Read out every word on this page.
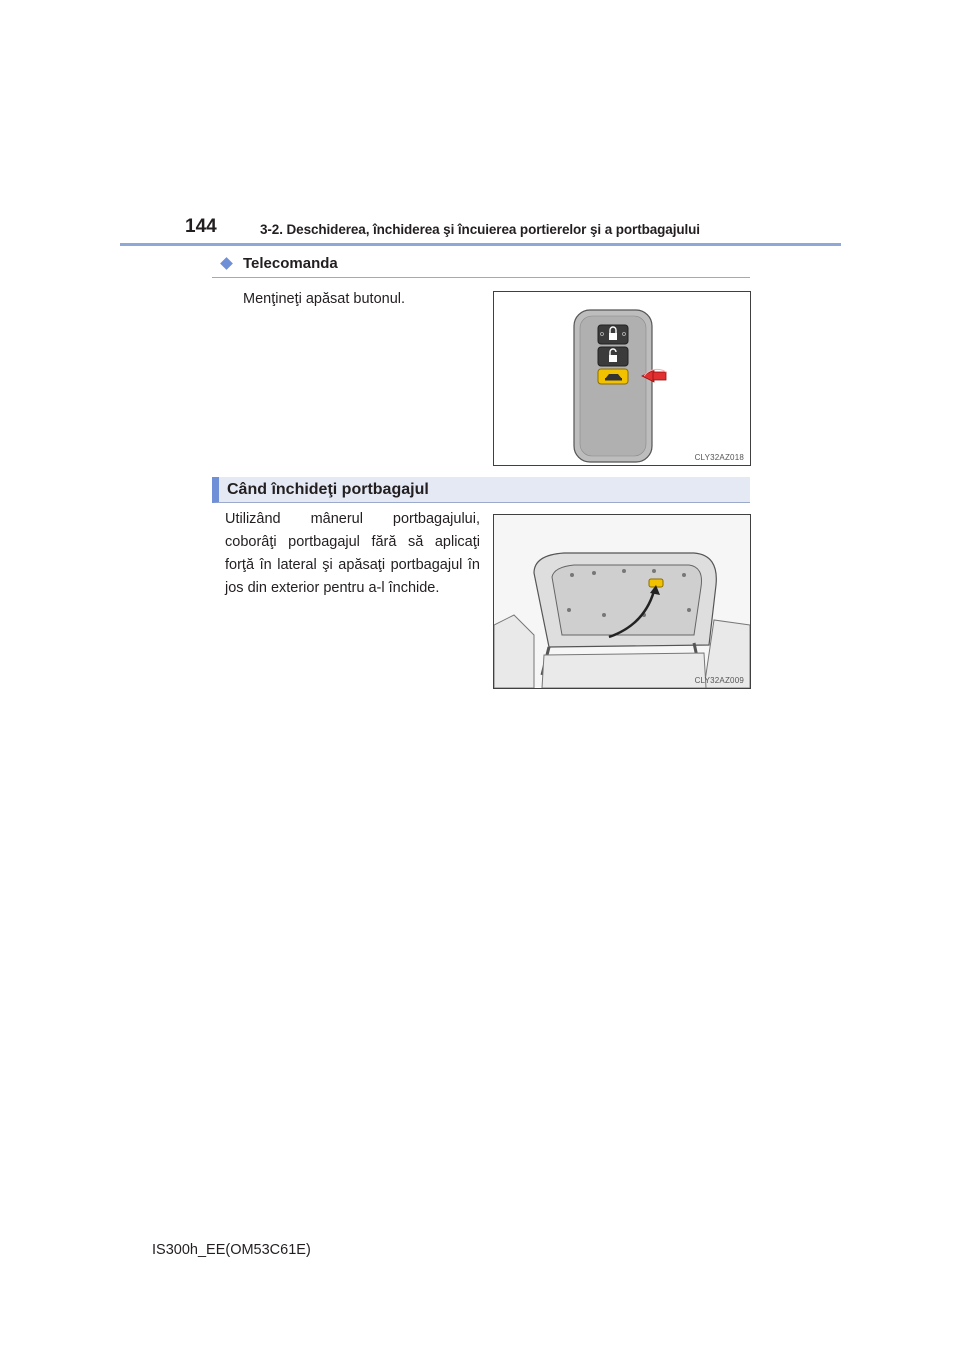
144	3-2. Deschiderea, închiderea şi încuierea portierelor şi a portbagajului
Telecomanda
Menţineţi apăsat butonul.
CLY32AZ018
Când închideţi portbagajul
Utilizând mânerul portbagajului, coborâţi portbagajul fără să aplicaţi forţă în lateral şi apăsaţi portbagajul în jos din exterior pentru a-l închide.
CLY32AZ009
IS300h_EE(OM53C61E)
